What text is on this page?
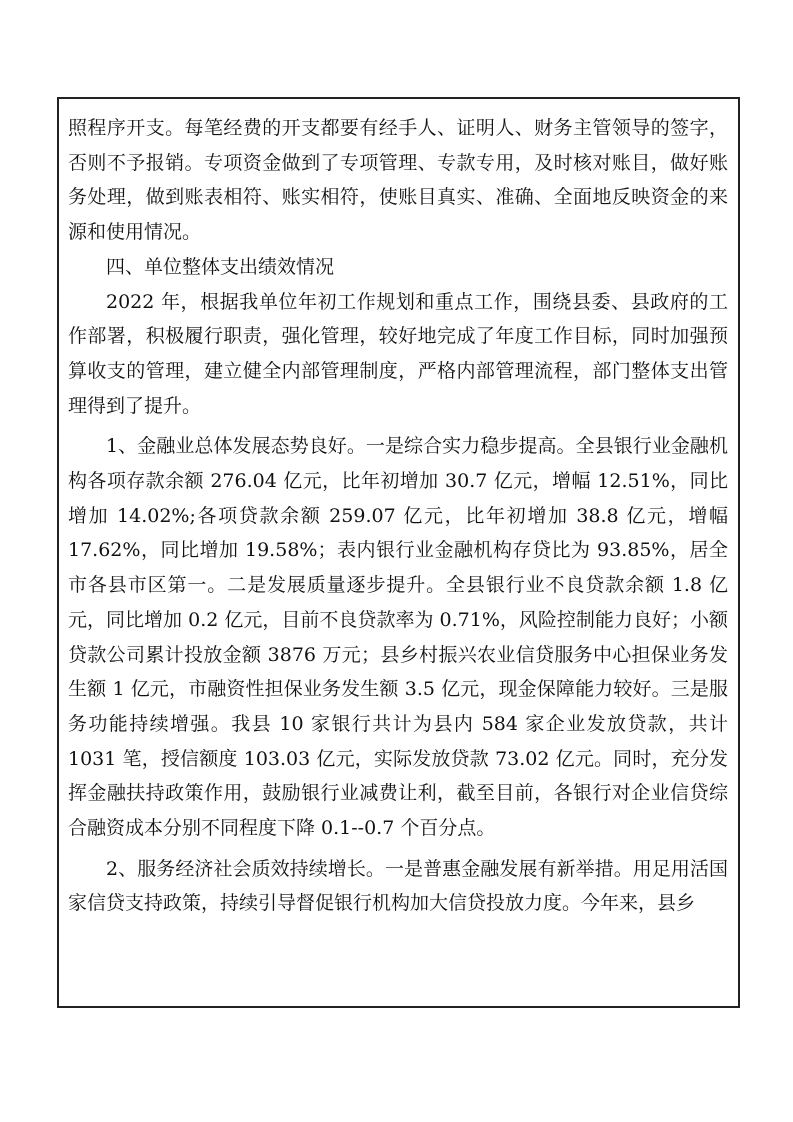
照程序开支。每笔经费的开支都要有经手人、证明人、财务主管领导的签字，否则不予报销。专项资金做到了专项管理、专款专用，及时核对账目，做好账务处理，做到账表相符、账实相符，使账目真实、准确、全面地反映资金的来源和使用情况。

四、单位整体支出绩效情况

2022 年，根据我单位年初工作规划和重点工作，围绕县委、县政府的工作部署，积极履行职责，强化管理，较好地完成了年度工作目标，同时加强预算收支的管理，建立健全内部管理制度，严格内部管理流程，部门整体支出管理得到了提升。

1、金融业总体发展态势良好。一是综合实力稳步提高。全县银行业金融机构各项存款余额 276.04 亿元，比年初增加 30.7 亿元，增幅 12.51%，同比增加 14.02%;各项贷款余额 259.07 亿元，比年初增加 38.8 亿元，增幅 17.62%，同比增加 19.58%；表内银行业金融机构存贷比为 93.85%，居全市各县市区第一。二是发展质量逐步提升。全县银行业不良贷款余额 1.8 亿元，同比增加 0.2 亿元，目前不良贷款率为 0.71%，风险控制能力良好；小额贷款公司累计投放金额 3876 万元；县乡村振兴农业信贷服务中心担保业务发生额 1 亿元，市融资性担保业务发生额 3.5 亿元，现金保障能力较好。三是服务功能持续增强。我县 10 家银行共计为县内 584 家企业发放贷款，共计 1031 笔，授信额度 103.03 亿元，实际发放贷款 73.02 亿元。同时，充分发挥金融扶持政策作用，鼓励银行业减费让利，截至目前，各银行对企业信贷综合融资成本分别不同程度下降 0.1--0.7 个百分点。

2、服务经济社会质效持续增长。一是普惠金融发展有新举措。用足用活国家信贷支持政策，持续引导督促银行机构加大信贷投放力度。今年来，县乡
